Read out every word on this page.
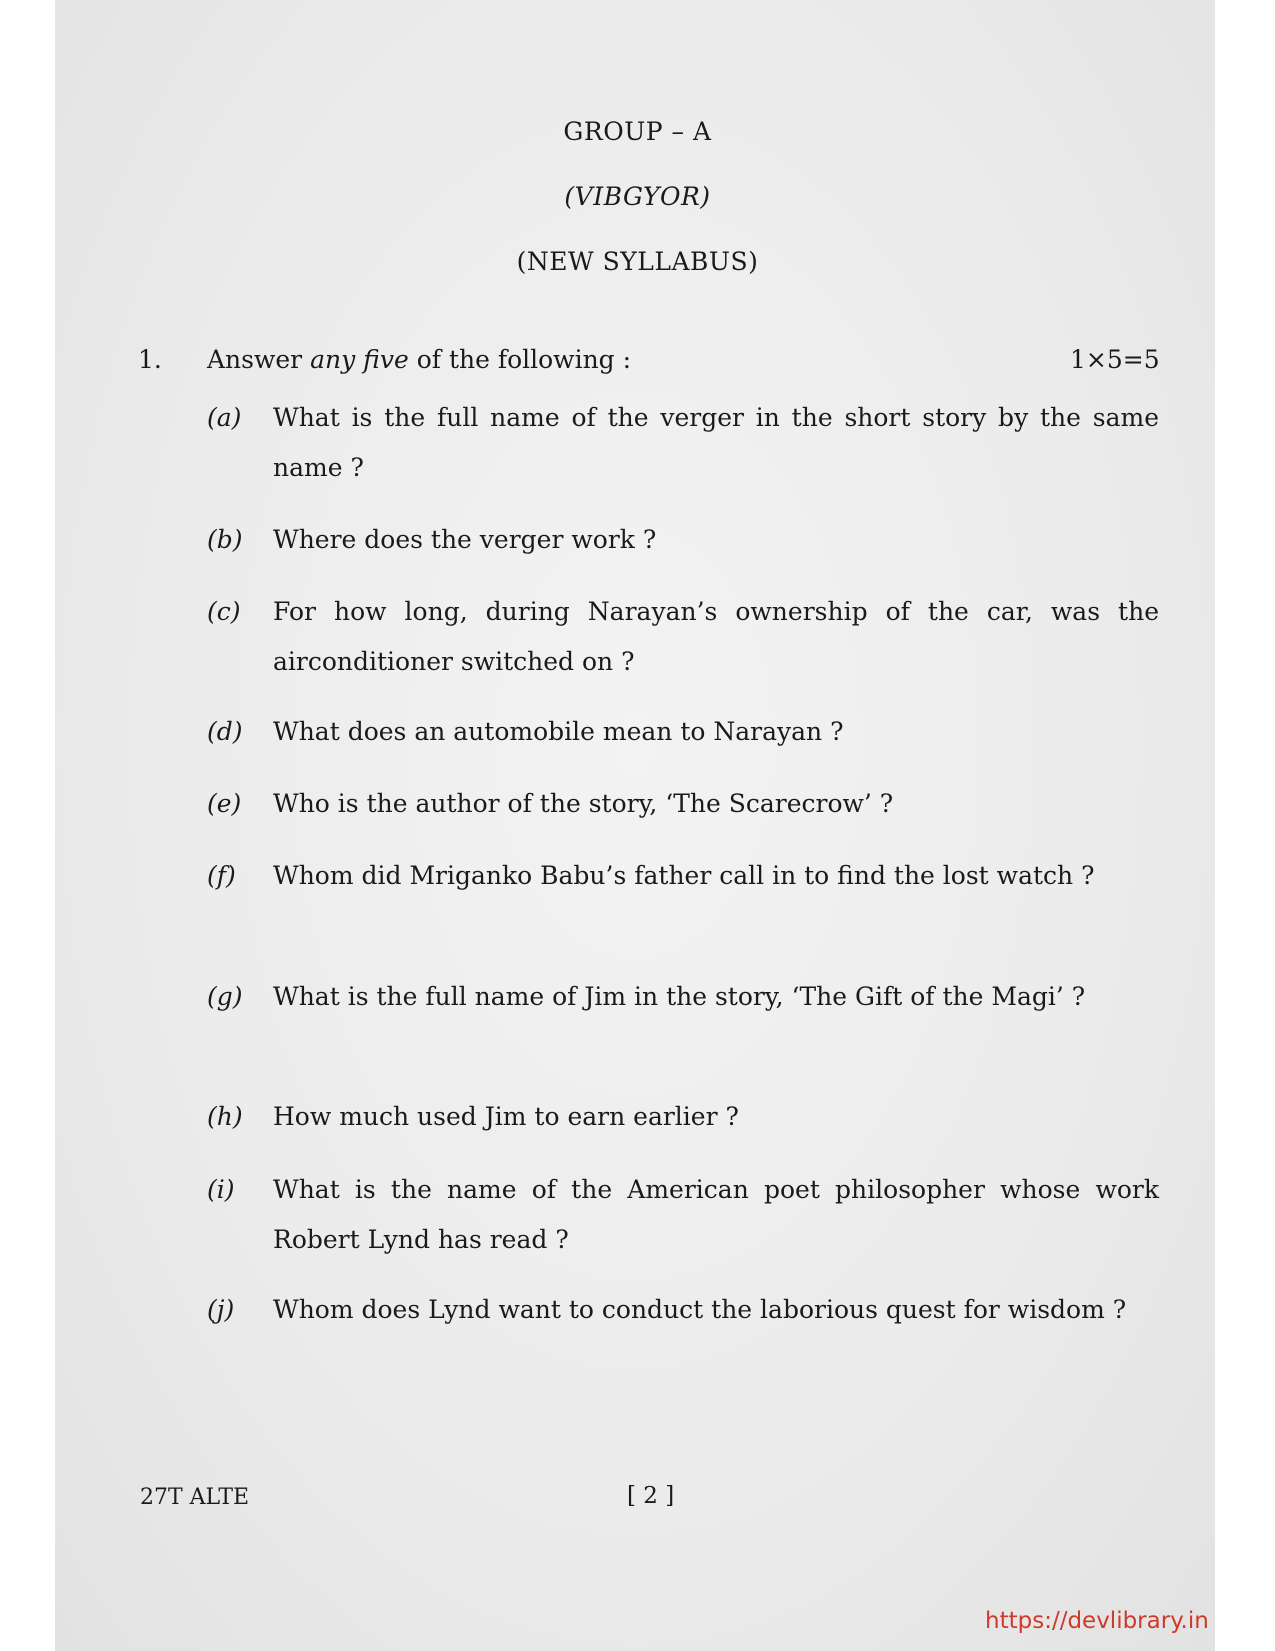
GROUP – A
(VIBGYOR)
(NEW SYLLABUS)
1. Answer any five of the following :	1×5=5
(a) What is the full name of the verger in the short story by the same name ?
(b) Where does the verger work ?
(c) For how long, during Narayan’s ownership of the car, was the airconditioner switched on ?
(d) What does an automobile mean to Narayan ?
(e) Who is the author of the story, ‘The Scarecrow’ ?
(f) Whom did Mriganko Babu’s father call in to find the lost watch ?
(g) What is the full name of Jim in the story, ‘The Gift of the Magi’ ?
(h) How much used Jim to earn earlier ?
(i) What is the name of the American poet philosopher whose work Robert Lynd has read ?
(j) Whom does Lynd want to conduct the laborious quest for wisdom ?
27T ALTE	[ 2 ]
https://devlibrary.in
